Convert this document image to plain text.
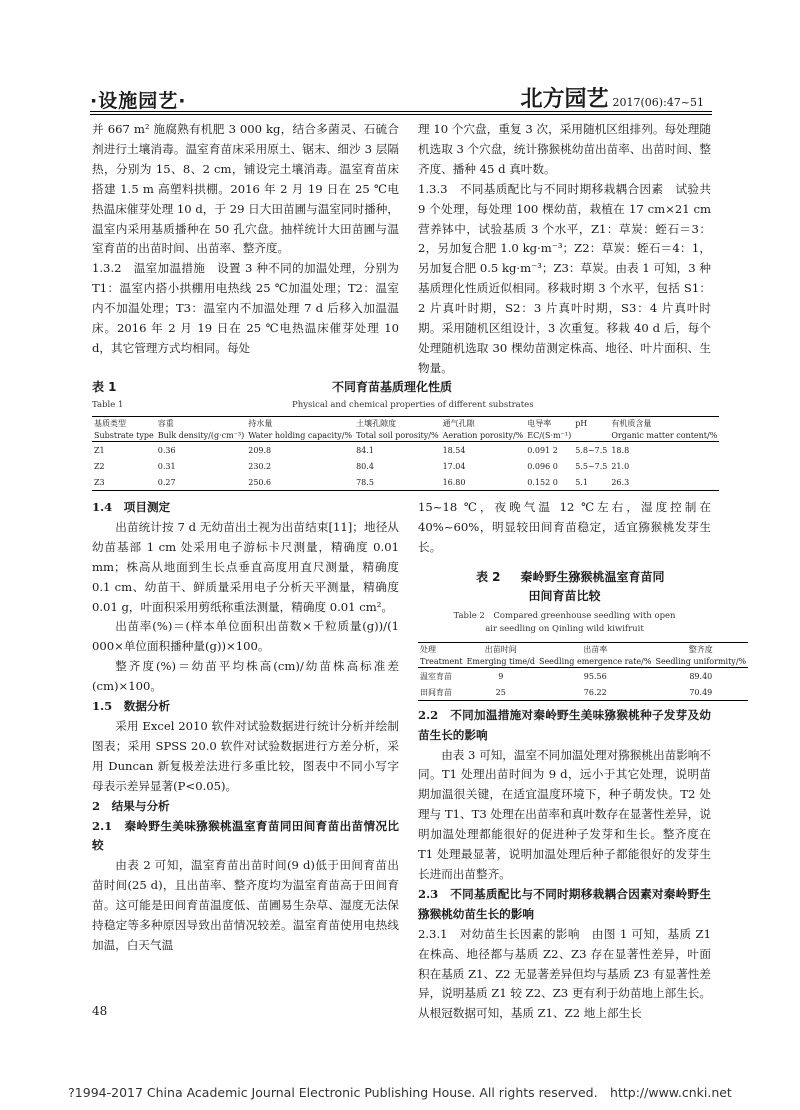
·设施园艺·	北方园艺 2017(06):47~51

并 667 m² 施腐熟有机肥 3 000 kg，结合多菌灵、石硫合剂进行土壤消毒。温室育苗床采用原土、锯末、细沙 3 层隔热，分别为 15、8、2 cm，铺设完土壤消毒。温室育苗床搭建 1.5 m 高塑料拱棚。2016 年 2 月 19 日在 25 ℃电热温床催芽处理 10 d，于 29 日大田苗圃与温室同时播种，温室内采用基质播种在 50 孔穴盘。抽样统计大田苗圃与温室育苗的出苗时间、出苗率、整齐度。

1.3.2　温室加温措施　设置 3 种不同的加温处理，分别为 T1：温室内搭小拱棚用电热线 25 ℃加温处理；T2：温室内不加温处理；T3：温室内不加温处理 7 d 后移入加温温床。2016 年 2 月 19 日在 25 ℃电热温床催芽处理 10 d，其它管理方式均相同。每处

理 10 个穴盘，重复 3 次，采用随机区组排列。每处理随机选取 3 个穴盘，统计猕猴桃幼苗出苗率、出苗时间、整齐度、播种 45 d 真叶数。

1.3.3　不同基质配比与不同时期移栽耦合因素　试验共 9 个处理，每处理 100 棵幼苗，栽植在 17 cm×21 cm 营养钵中，试验基质 3 个水平，Z1：草炭：蛭石＝3：2，另加复合肥 1.0 kg·m⁻³；Z2：草炭：蛭石＝4：1，另加复合肥 0.5 kg·m⁻³；Z3：草炭。由表 1 可知，3 种基质理化性质近似相同。移栽时期 3 个水平，包括 S1：2 片真叶时期，S2：3 片真叶时期，S3：4 片真叶时期。采用随机区组设计，3 次重复。移栽 40 d 后，每个处理随机选取 30 棵幼苗测定株高、地径、叶片面积、生物量。

表 1	不同育苗基质理化性质
Table 1	Physical and chemical properties of different substrates
基质类型	容重	持水量	土壤孔隙度	通气孔隙	电导率	pH	有机质含量
Substrate type	Bulk density/(g·cm⁻³)	Water holding capacity/%	Total soil porosity/%	Aeration porosity/%	EC/(S·m⁻¹)		Organic matter content/%
Z1	0.36	209.8	84.1	18.54	0.091 2	5.8~7.5	18.8
Z2	0.31	230.2	80.4	17.04	0.096 0	5.5~7.5	21.0
Z3	0.27	250.6	78.5	16.80	0.152 0	5.1	26.3

1.4　项目测定

出苗统计按 7 d 无幼苗出土视为出苗结束[11]；地径从幼苗基部 1 cm 处采用电子游标卡尺测量，精确度 0.01 mm；株高从地面到生长点垂直高度用直尺测量，精确度 0.1 cm、幼苗干、鲜质量采用电子分析天平测量，精确度 0.01 g，叶面积采用剪纸称重法测量，精确度 0.01 cm²。

出苗率(%)＝(样本单位面积出苗数×千粒质量(g))/(1 000×单位面积播种量(g))×100。

整齐度(%)＝幼苗平均株高(cm)/幼苗株高标准差(cm)×100。

1.5　数据分析

采用 Excel 2010 软件对试验数据进行统计分析并绘制图表；采用 SPSS 20.0 软件对试验数据进行方差分析，采用 Duncan 新复极差法进行多重比较，图表中不同小写字母表示差异显著(P<0.05)。

2　结果与分析

2.1　秦岭野生美味猕猴桃温室育苗同田间育苗出苗情况比较

由表 2 可知，温室育苗出苗时间(9 d)低于田间育苗出苗时间(25 d)，且出苗率、整齐度均为温室育苗高于田间育苗。这可能是田间育苗温度低、苗圃易生杂草、湿度无法保持稳定等多种原因导致出苗情况较差。温室育苗使用电热线加温，白天气温

15~18 ℃，夜晚气温 12 ℃左右，湿度控制在 40%~60%，明显较田间育苗稳定，适宜猕猴桃发芽生长。

2.2　不同加温措施对秦岭野生美味猕猴桃种子发芽及幼苗生长的影响

由表 3 可知，温室不同加温处理对猕猴桃出苗影响不同。T1 处理出苗时间为 9 d，远小于其它处理，说明苗期加温很关键，在适宜温度环境下，种子萌发快。T2 处理与 T1、T3 处理在出苗率和真叶数存在显著性差异，说明加温处理都能很好的促进种子发芽和生长。整齐度在 T1 处理最显著，说明加温处理后种子都能很好的发芽生长进而出苗整齐。

2.3　不同基质配比与不同时期移栽耦合因素对秦岭野生猕猴桃幼苗生长的影响

2.3.1　对幼苗生长因素的影响　由图 1 可知，基质 Z1 在株高、地径都与基质 Z2、Z3 存在显著性差异，叶面积在基质 Z1、Z2 无显著差异但均与基质 Z3 有显著性差异，说明基质 Z1 较 Z2、Z3 更有利于幼苗地上部生长。从根冠数据可知，基质 Z1、Z2 地上部生长

表 2 秦岭野生猕猴桃温室育苗同
田间育苗比较
Table 2　Compared greenhouse seedling with open
air seedling on Qinling wild kiwifruit
处理	出苗时间	出苗率	整齐度
Treatment	Emerging time/d	Seedling emergence rate/%	Seedling uniformity/%
温室育苗	9	95.56	89.40
田间育苗	25	76.22	70.49
48
?1994-2017 China Academic Journal Electronic Publishing House. All rights reserved.　http://www.cnki.net
